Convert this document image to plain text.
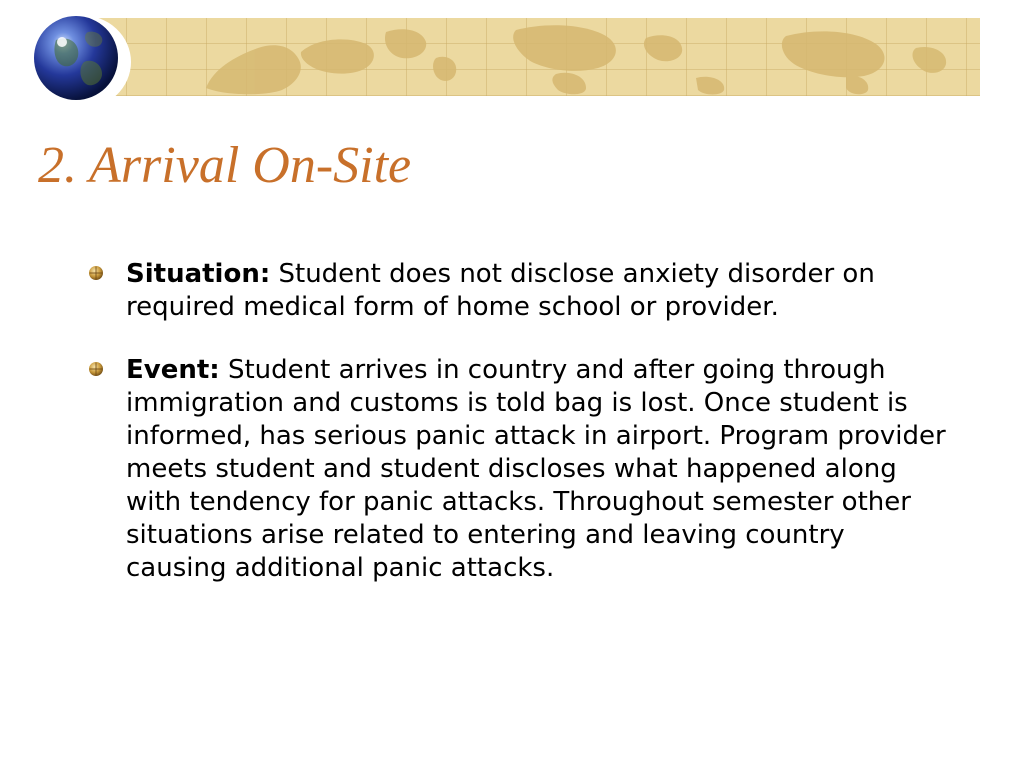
2. Arrival On-Site
Situation: Student does not disclose anxiety disorder on required medical form of home school or provider.
Event: Student arrives in country and after going through immigration and customs is told bag is lost. Once student is informed, has serious panic attack in airport. Program provider meets student and student discloses what happened along with tendency for panic attacks. Throughout semester other situations arise related to entering and leaving country causing additional panic attacks.
